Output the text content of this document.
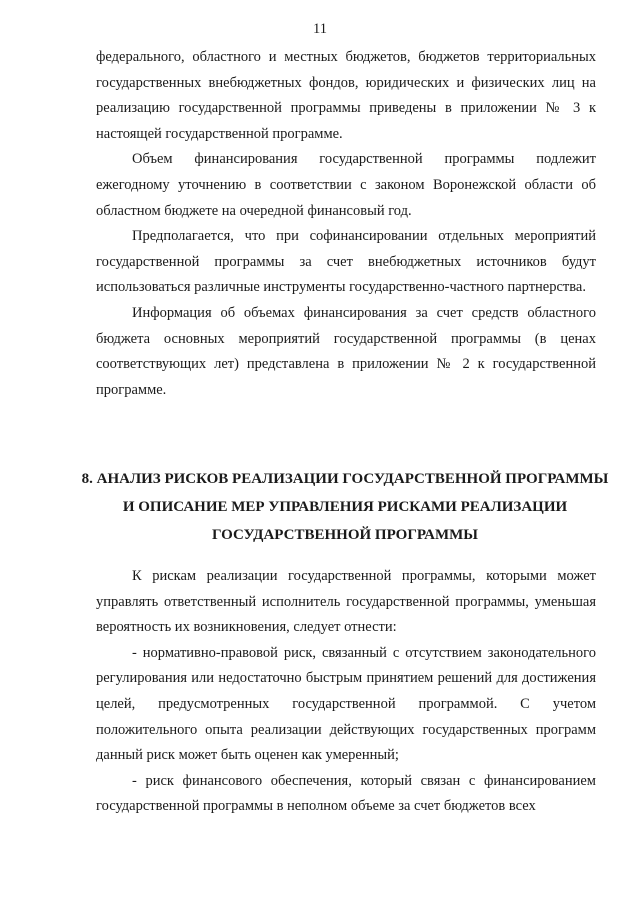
11

федерального, областного и местных бюджетов, бюджетов территориальных государственных внебюджетных фондов, юридических и физических лиц на реализацию государственной программы приведены в приложении № 3 к настоящей государственной программе.

Объем финансирования государственной программы подлежит ежегодному уточнению в соответствии с законом Воронежской области об областном бюджете на очередной финансовый год.

Предполагается, что при софинансировании отдельных мероприятий государственной программы за счет внебюджетных источников будут использоваться различные инструменты государственно-частного партнерства.

Информация об объемах финансирования за счет средств областного бюджета основных мероприятий государственной программы (в ценах соответствующих лет) представлена в приложении № 2 к государственной программе.

8. АНАЛИЗ РИСКОВ РЕАЛИЗАЦИИ ГОСУДАРСТВЕННОЙ ПРОГРАММЫ
И ОПИСАНИЕ МЕР УПРАВЛЕНИЯ РИСКАМИ РЕАЛИЗАЦИИ
ГОСУДАРСТВЕННОЙ ПРОГРАММЫ

К рискам реализации государственной программы, которыми может управлять ответственный исполнитель государственной программы, уменьшая вероятность их возникновения, следует отнести:

- нормативно-правовой риск, связанный с отсутствием законодательного регулирования или недостаточно быстрым принятием решений для достижения целей, предусмотренных государственной программой. С учетом положительного опыта реализации действующих государственных программ данный риск может быть оценен как умеренный;

- риск финансового обеспечения, который связан с финансированием государственной программы в неполном объеме за счет бюджетов всех
